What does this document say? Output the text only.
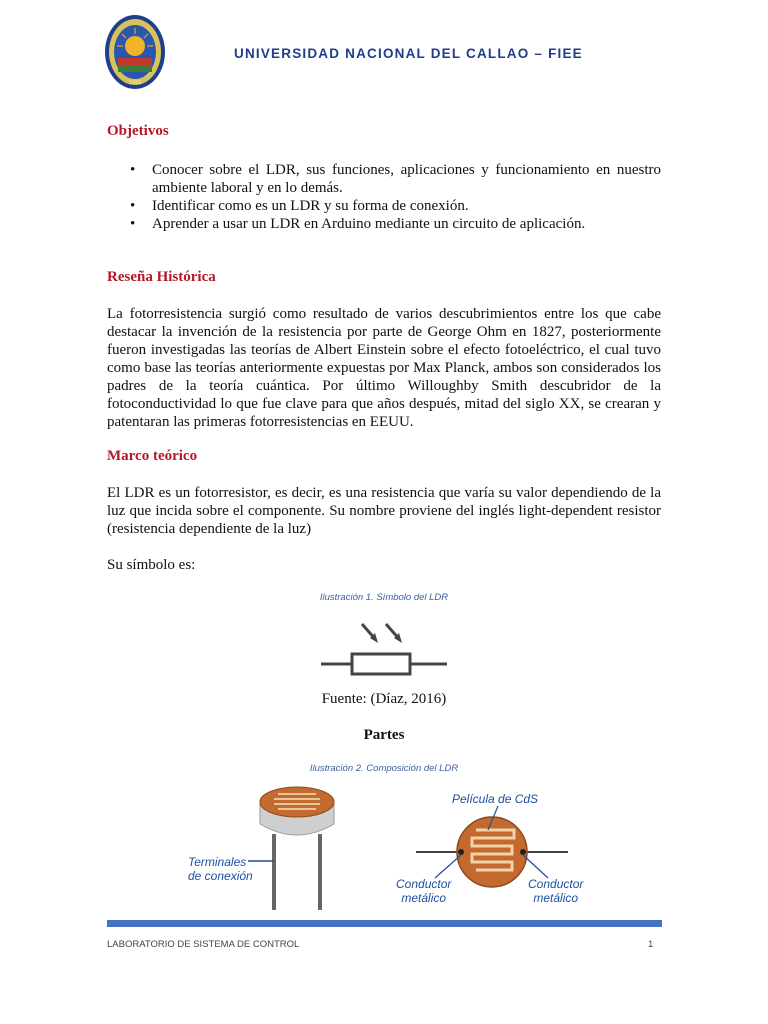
1966
UNIVERSIDAD NACIONAL DEL CALLAO – FIEE
Objetivos
• Conocer sobre el LDR, sus funciones, aplicaciones y funcionamiento en nuestro ambiente laboral y en lo demás.
• Identificar como es un LDR y su forma de conexión.
• Aprender a usar un LDR en Arduino mediante un circuito de aplicación.
Reseña Histórica
La fotorresistencia surgió como resultado de varios descubrimientos entre los que cabe destacar la invención de la resistencia por parte de George Ohm en 1827, posteriormente fueron investigadas las teorías de Albert Einstein sobre el efecto fotoeléctrico, el cual tuvo como base las teorías anteriormente expuestas por Max Planck, ambos son considerados los padres de la teoría cuántica. Por último Willoughby Smith descubridor de la fotoconductividad lo que fue clave para que años después, mitad del siglo XX, se crearan y patentaran las primeras fotorresistencias en EEUU.
Marco teórico
El LDR es un fotorresistor, es decir, es una resistencia que varía su valor dependiendo de la luz que incida sobre el componente. Su nombre proviene del inglés light-dependent resistor (resistencia dependiente de la luz)
Su símbolo es:
Ilustración 1. Símbolo del LDR
Fuente: (Díaz, 2016)
Partes
Ilustración 2. Composición del LDR
Terminales
de conexión
Película de CdS
Conductor
metálico
Conductor
metálico
LABORATORIO DE SISTEMA DE CONTROL	1
